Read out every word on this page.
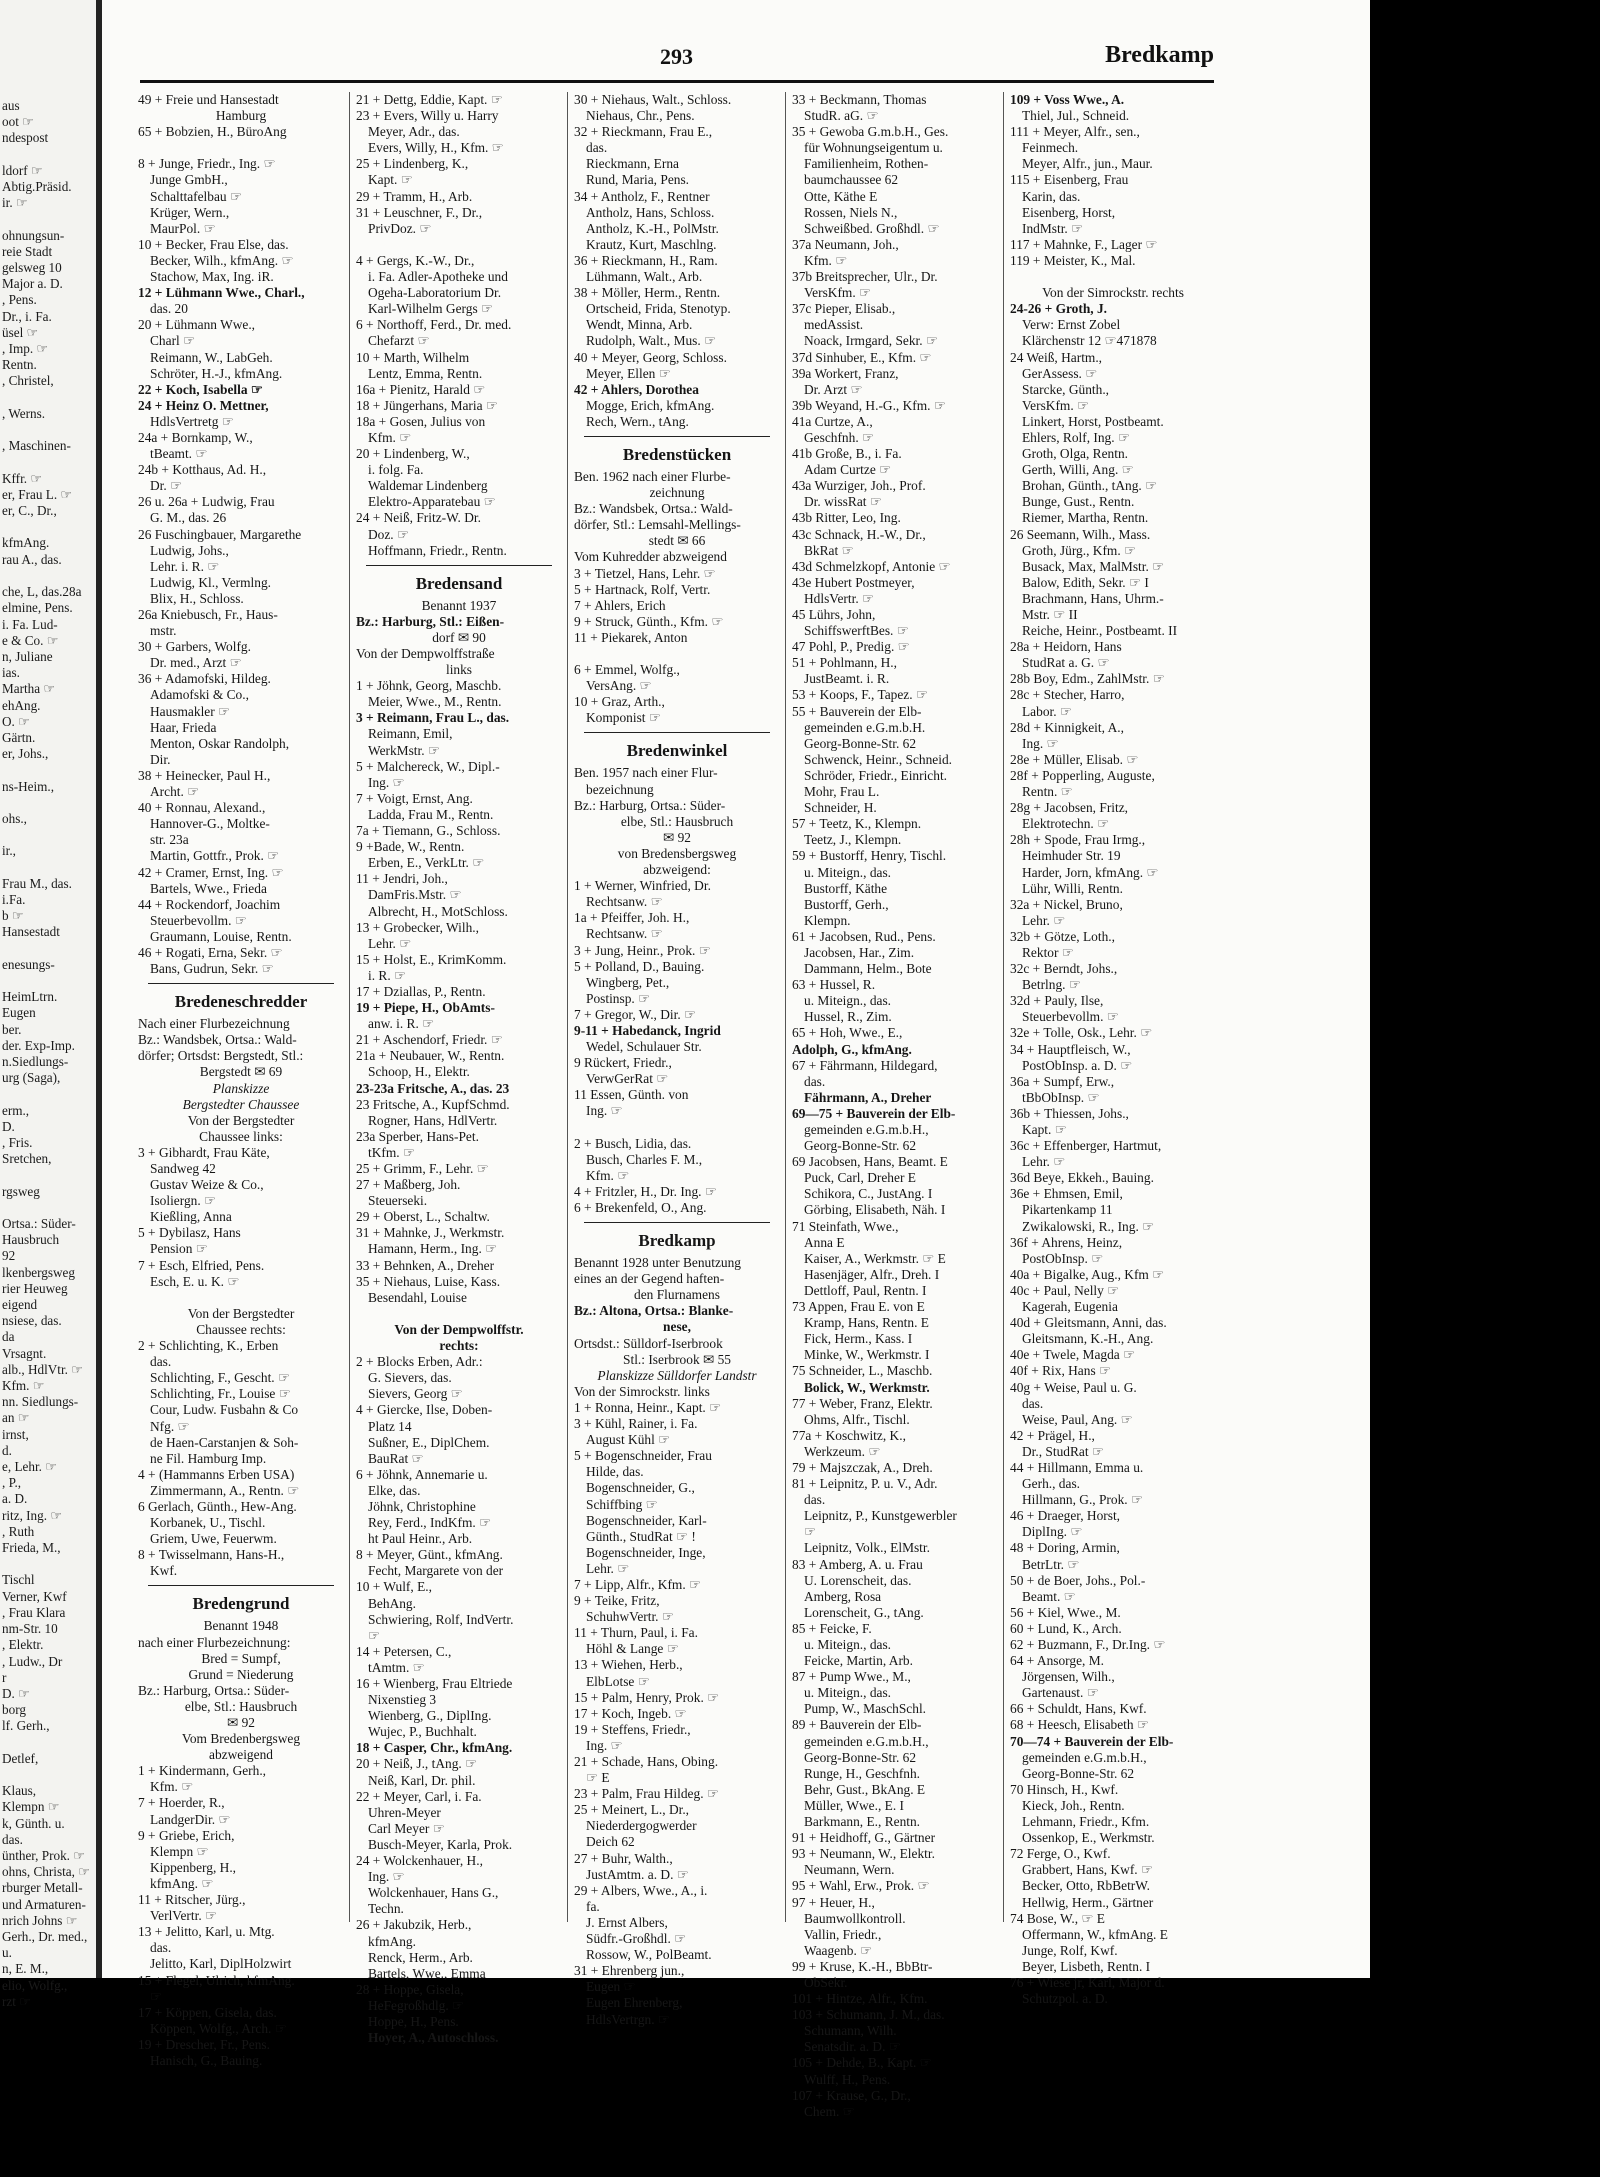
aus
oot ☞
ndespost

ldorf ☞
Abtig.Präsid.
ir. ☞

ohnungsun-
reie Stadt
gelsweg 10
Major a. D.
, Pens.
Dr., i. Fa.
üsel ☞
, Imp. ☞
Rentn.
, Christel,

, Werns.

, Maschinen-

Kffr. ☞
er, Frau L. ☞
er, C., Dr.,

kfmAng.
rau A., das.

che, L, das.28a
elmine, Pens.
i. Fa. Lud-
e & Co. ☞
n, Juliane
ias.
Martha ☞
ehAng.
O. ☞
Gärtn.
er, Johs.,

ns-Heim.,

ohs.,

ir.,

Frau M., das.
i.Fa.
b ☞
Hansestadt

enesungs-

HeimLtrn.
Eugen
ber.
der. Exp-Imp.
n.Siedlungs-
urg (Saga),

erm.,
D.
, Fris.
Sretchen,

rgsweg

Ortsa.: Süder-
Hausbruch
92
lkenbergsweg
rier Heuweg
eigend
nsiese, das.
da
Vrsagnt.
alb., HdlVtr. ☞
Kfm. ☞
nn. Siedlungs-
an ☞
irnst,
d.
e, Lehr. ☞
, P.,
a. D.
ritz, Ing. ☞
, Ruth
Frieda, M.,

Tischl
Verner, Kwf
, Frau Klara
nm-Str. 10
, Elektr.
, Ludw., Dr
r
D. ☞
borg
lf. Gerh.,

Detlef,

Klaus,
Klempn ☞
k, Günth. u.
das.
ünther, Prok. ☞
ohns, Christa, ☞
rburger Metall-
und Armaturen-
nrich Johns ☞
Gerh., Dr. med.,
u.
n, E. M.,
elio, Wolfg.,
rzt ☞
293	Bredkamp
49 + Freie und Hansestadt
Hamburg
65 + Bobzien, H., BüroAng

8 + Junge, Friedr., Ing. ☞
Junge GmbH.,
Schalttafelbau ☞
Krüger, Wern.,
MaurPol. ☞
10 + Becker, Frau Else, das.
Becker, Wilh., kfmAng. ☞
Stachow, Max, Ing. iR.
12 + Lühmann Wwe., Charl.,
das. 20
20 + Lühmann Wwe.,
Charl ☞
Reimann, W., LabGeh.
Schröter, H.-J., kfmAng.
22 + Koch, Isabella ☞
24 + Heinz O. Mettner,
HdlsVertretg ☞
24a + Bornkamp, W.,
tBeamt. ☞
24b + Kotthaus, Ad. H.,
Dr. ☞
26 u. 26a + Ludwig, Frau
G. M., das. 26
26 Fuschingbauer, Margarethe
Ludwig, Johs.,
Lehr. i. R. ☞
Ludwig, Kl., Vermlng.
Blix, H., Schloss.
26a Kniebusch, Fr., Haus-
mstr.
30 + Garbers, Wolfg.
Dr. med., Arzt ☞
36 + Adamofski, Hildeg.
Adamofski & Co.,
Hausmakler ☞
Haar, Frieda
Menton, Oskar Randolph,
Dir.
38 + Heinecker, Paul H.,
Archt. ☞
40 + Ronnau, Alexand.,
Hannover-G., Moltke-
str. 23a
Martin, Gottfr., Prok. ☞
42 + Cramer, Ernst, Ing. ☞
Bartels, Wwe., Frieda
44 + Rockendorf, Joachim
Steuerbevollm. ☞
Graumann, Louise, Rentn.
46 + Rogati, Erna, Sekr. ☞
Bans, Gudrun, Sekr. ☞
Bredeneschredder
Nach einer Flurbezeichnung
Bz.: Wandsbek, Ortsa.: Wald-
dörfer; Ortsdst: Bergstedt, Stl.:
Bergstedt ✉ 69
Planskizze
Bergstedter Chaussee
Von der Bergstedter
Chaussee links:
3 + Gibhardt, Frau Käte,
Sandweg 42
Gustav Weize & Co.,
Isoliergn. ☞
Kießling, Anna
5 + Dybilasz, Hans
Pension ☞
7 + Esch, Elfried, Pens.
Esch, E. u. K. ☞

Von der Bergstedter
Chaussee rechts:
2 + Schlichting, K., Erben
das.
Schlichting, F., Gescht. ☞
Schlichting, Fr., Louise ☞
Cour, Ludw. Fusbahn & Co
Nfg. ☞
de Haen-Carstanjen & Soh-
ne Fil. Hamburg Imp.
4 + (Hammanns Erben USA)
Zimmermann, A., Rentn. ☞
6 Gerlach, Günth., Hew-Ang.
Korbanek, U., Tischl.
Griem, Uwe, Feuerwm.
8 + Twisselmann, Hans-H.,
Kwf.
Bredengrund
Benannt 1948
nach einer Flurbezeichnung:
Bred = Sumpf,
Grund = Niederung
Bz.: Harburg, Ortsa.: Süder-
elbe, Stl.: Hausbruch
✉ 92
Vom Bredenbergsweg
abzweigend
1 + Kindermann, Gerh.,
Kfm. ☞
7 + Hoerder, R.,
LandgerDir. ☞
9 + Griebe, Erich,
Klempn ☞
Kippenberg, H.,
kfmAng. ☞
11 + Ritscher, Jürg.,
VerlVertr. ☞
13 + Jelitto, Karl, u. Mtg.
das.
Jelitto, Karl, DiplHolzwirt
15 + Flegel, Ulrich, kfmAng.
☞
17 + Köppen, Gisela, das.
Köppen, Wolfg., Arch. ☞
19 + Drescher, Fr., Pens.
Hanisch, G., Bauing.
21 + Dettg, Eddie, Kapt. ☞
23 + Evers, Willy u. Harry
Meyer, Adr., das.
Evers, Willy, H., Kfm. ☞
25 + Lindenberg, K.,
Kapt. ☞
29 + Tramm, H., Arb.
31 + Leuschner, F., Dr.,
PrivDoz. ☞

4 + Gergs, K.-W., Dr.,
i. Fa. Adler-Apotheke und
Ogeha-Laboratorium Dr.
Karl-Wilhelm Gergs ☞
6 + Northoff, Ferd., Dr. med.
Chefarzt ☞
10 + Marth, Wilhelm
Lentz, Emma, Rentn.
16a + Pienitz, Harald ☞
18 + Jüngerhans, Maria ☞
18a + Gosen, Julius von
Kfm. ☞
20 + Lindenberg, W.,
i. folg. Fa.
Waldemar Lindenberg
Elektro-Apparatebau ☞
24 + Neiß, Fritz-W. Dr.
Doz. ☞
Hoffmann, Friedr., Rentn.
Bredensand
Benannt 1937
Bz.: Harburg, Stl.: Eißen-
dorf ✉ 90
Von der Dempwolffstraße
links
1 + Jöhnk, Georg, Maschb.
Meier, Wwe., M., Rentn.
3 + Reimann, Frau L., das.
Reimann, Emil,
WerkMstr. ☞
5 + Malchereck, W., Dipl.-
Ing. ☞
7 + Voigt, Ernst, Ang.
Ladda, Frau M., Rentn.
7a + Tiemann, G., Schloss.
9 +Bade, W., Rentn.
Erben, E., VerkLtr. ☞
11 + Jendri, Joh.,
DamFris.Mstr. ☞
Albrecht, H., MotSchloss.
13 + Grobecker, Wilh.,
Lehr. ☞
15 + Holst, E., KrimKomm.
i. R. ☞
17 + Dziallas, P., Rentn.
19 + Piepe, H., ObAmts-
anw. i. R. ☞
21 + Aschendorf, Friedr. ☞
21a + Neubauer, W., Rentn.
Schoop, H., Elektr.
23-23a Fritsche, A., das. 23
23 Fritsche, A., KupfSchmd.
Rogner, Hans, HdlVertr.
23a Sperber, Hans-Pet.
tKfm. ☞
25 + Grimm, F., Lehr. ☞
27 + Maßberg, Joh.
Steuerseki.
29 + Oberst, L., Schaltw.
31 + Mahnke, J., Werkmstr.
Hamann, Herm., Ing. ☞
33 + Behnken, A., Dreher
35 + Niehaus, Luise, Kass.
Besendahl, Louise

Von der Dempwolffstr.
rechts:
2 + Blocks Erben, Adr.:
G. Sievers, das.
Sievers, Georg ☞
4 + Giercke, Ilse, Doben-
Platz 14
Sußner, E., DiplChem.
BauRat ☞
6 + Jöhnk, Annemarie u.
Elke, das.
Jöhnk, Christophine
Rey, Ferd., IndKfm. ☞
ht Paul Heinr., Arb.
8 + Meyer, Günt., kfmAng.
Fecht, Margarete von der
10 + Wulf, E.,
BehAng.
Schwiering, Rolf, IndVertr.
☞
14 + Petersen, C.,
tAmtm. ☞
16 + Wienberg, Frau Eltriede
Nixenstieg 3
Wienberg, G., DiplIng.
Wujec, P., Buchhalt.
18 + Casper, Chr., kfmAng.
20 + Neiß, J., tAng. ☞
Neiß, Karl, Dr. phil.
22 + Meyer, Carl, i. Fa.
Uhren-Meyer
Carl Meyer ☞
Busch-Meyer, Karla, Prok.
24 + Wolckenhauer, H.,
Ing. ☞
Wolckenhauer, Hans G.,
Techn.
26 + Jakubzik, Herb.,
kfmAng.
Renck, Herm., Arb.
Bartels, Wwe., Emma
28 + Hoppe, Gisela,
HeFegroßhdlg. ☞
Hoppe, H., Pens.
Hoyer, A., Autoschloss.
30 + Niehaus, Walt., Schloss.
Niehaus, Chr., Pens.
32 + Rieckmann, Frau E.,
das.
Rieckmann, Erna
Rund, Maria, Pens.
34 + Antholz, F., Rentner
Antholz, Hans, Schloss.
Antholz, K.-H., PolMstr.
Krautz, Kurt, Maschlng.
36 + Rieckmann, H., Ram.
Lühmann, Walt., Arb.
38 + Möller, Herm., Rentn.
Ortscheid, Frida, Stenotyp.
Wendt, Minna, Arb.
Rudolph, Walt., Mus. ☞
40 + Meyer, Georg, Schloss.
Meyer, Ellen ☞
42 + Ahlers, Dorothea
Mogge, Erich, kfmAng.
Rech, Wern., tAng.
Bredenstücken
Ben. 1962 nach einer Flurbe-
zeichnung
Bz.: Wandsbek, Ortsa.: Wald-
dörfer, Stl.: Lemsahl-Mellings-
stedt ✉ 66
Vom Kuhredder abzweigend
3 + Tietzel, Hans, Lehr. ☞
5 + Hartnack, Rolf, Vertr.
7 + Ahlers, Erich
9 + Struck, Günth., Kfm. ☞
11 + Piekarek, Anton

6 + Emmel, Wolfg.,
VersAng. ☞
10 + Graz, Arth.,
Komponist ☞
Bredenwinkel
Ben. 1957 nach einer Flur-
bezeichnung
Bz.: Harburg, Ortsa.: Süder-
elbe, Stl.: Hausbruch
✉ 92
von Bredensbergsweg
abzweigend:
1 + Werner, Winfried, Dr.
Rechtsanw. ☞
1a + Pfeiffer, Joh. H.,
Rechtsanw. ☞
3 + Jung, Heinr., Prok. ☞
5 + Polland, D., Bauing.
Wingberg, Pet.,
Postinsp. ☞
7 + Gregor, W., Dir. ☞
9-11 + Habedanck, Ingrid
Wedel, Schulauer Str.
9 Rückert, Friedr.,
VerwGerRat ☞
11 Essen, Günth. von
Ing. ☞

2 + Busch, Lidia, das.
Busch, Charles F. M.,
Kfm. ☞
4 + Fritzler, H., Dr. Ing. ☞
6 + Brekenfeld, O., Ang.
Bredkamp
Benannt 1928 unter Benutzung
eines an der Gegend haften-
den Flurnamens
Bz.: Altona, Ortsa.: Blanke-
nese,
Ortsdst.: Sülldorf-Iserbrook
Stl.: Iserbrook ✉ 55
Planskizze Sülldorfer Landstr
Von der Simrockstr. links
1 + Ronna, Heinr., Kapt. ☞
3 + Kühl, Rainer, i. Fa.
August Kühl ☞
5 + Bogenschneider, Frau
Hilde, das.
Bogenschneider, G.,
Schiffbing ☞
Bogenschneider, Karl-
Günth., StudRat ☞ !
Bogenschneider, Inge,
Lehr. ☞
7 + Lipp, Alfr., Kfm. ☞
9 + Teike, Fritz,
SchuhwVertr. ☞
11 + Thurn, Paul, i. Fa.
Höhl & Lange ☞
13 + Wiehen, Herb.,
ElbLotse ☞
15 + Palm, Henry, Prok. ☞
17 + Koch, Ingeb. ☞
19 + Steffens, Friedr.,
Ing. ☞
21 + Schade, Hans, Obing.
☞ E
23 + Palm, Frau Hildeg. ☞
25 + Meinert, L., Dr.,
Niederdergogwerder
Deich 62
27 + Buhr, Walth.,
JustAmtm. a. D. ☞
29 + Albers, Wwe., A., i.
fa.
J. Ernst Albers,
Südfr.-Großhdl. ☞
Rossow, W., PolBeamt.
31 + Ehrenberg jun.,
Eugen ☞
Eugen Ehrenberg,
HdlsVertrgn. ☞
33 + Beckmann, Thomas
StudR. aG. ☞
35 + Gewoba G.m.b.H., Ges.
für Wohnungseigentum u.
Familienheim, Rothen-
baumchaussee 62
Otte, Käthe E
Rossen, Niels N.,
Schweißbed. Großhdl. ☞
37a Neumann, Joh.,
Kfm. ☞
37b Breitsprecher, Ulr., Dr.
VersKfm. ☞
37c Pieper, Elisab.,
medAssist.
Noack, Irmgard, Sekr. ☞
37d Sinhuber, E., Kfm. ☞
39a Workert, Franz,
Dr. Arzt ☞
39b Weyand, H.-G., Kfm. ☞
41a Curtze, A.,
Geschfnh. ☞
41b Große, B., i. Fa.
Adam Curtze ☞
43a Wurziger, Joh., Prof.
Dr. wissRat ☞
43b Ritter, Leo, Ing.
43c Schnack, H.-W., Dr.,
BkRat ☞
43d Schmelzkopf, Antonie ☞
43e Hubert Postmeyer,
HdlsVertr. ☞
45 Lührs, John,
SchiffswerftBes. ☞
47 Pohl, P., Predig. ☞
51 + Pohlmann, H.,
JustBeamt. i. R.
53 + Koops, F., Tapez. ☞
55 + Bauverein der Elb-
gemeinden e.G.m.b.H.
Georg-Bonne-Str. 62
Schwenck, Heinr., Schneid.
Schröder, Friedr., Einricht.
Mohr, Frau L.
Schneider, H.
57 + Teetz, K., Klempn.
Teetz, J., Klempn.
59 + Bustorff, Henry, Tischl.
u. Miteign., das.
Bustorff, Käthe
Bustorff, Gerh.,
Klempn.
61 + Jacobsen, Rud., Pens.
Jacobsen, Har., Zim.
Dammann, Helm., Bote
63 + Hussel, R.
u. Miteign., das.
Hussel, R., Zim.
65 + Hoh, Wwe., E.,
Adolph, G., kfmAng.
67 + Fährmann, Hildegard,
das.
Fährmann, A., Dreher
69—75 + Bauverein der Elb-
gemeinden e.G.m.b.H.,
Georg-Bonne-Str. 62
69 Jacobsen, Hans, Beamt. E
Puck, Carl, Dreher E
Schikora, C., JustAng. I
Görbing, Elisabeth, Näh. I
71 Steinfath, Wwe.,
Anna E
Kaiser, A., Werkmstr. ☞ E
Hasenjäger, Alfr., Dreh. I
Dettloff, Paul, Rentn. I
73 Appen, Frau E. von E
Kramp, Hans, Rentn. E
Fick, Herm., Kass. I
Minke, W., Werkmstr. I
75 Schneider, L., Maschb.
Bolick, W., Werkmstr.
77 + Weber, Franz, Elektr.
Ohms, Alfr., Tischl.
77a + Koschwitz, K.,
Werkzeum. ☞
79 + Majszczak, A., Dreh.
81 + Leipnitz, P. u. V., Adr.
das.
Leipnitz, P., Kunstgewerbler
☞
Leipnitz, Volk., ElMstr.
83 + Amberg, A. u. Frau
U. Lorenscheit, das.
Amberg, Rosa
Lorenscheit, G., tAng.
85 + Feicke, F.
u. Miteign., das.
Feicke, Martin, Arb.
87 + Pump Wwe., M.,
u. Miteign., das.
Pump, W., MaschSchl.
89 + Bauverein der Elb-
gemeinden e.G.m.b.H.,
Georg-Bonne-Str. 62
Runge, H., Geschfnh.
Behr, Gust., BkAng. E
Müller, Wwe., E. I
Barkmann, E., Rentn.
91 + Heidhoff, G., Gärtner
93 + Neumann, W., Elektr.
Neumann, Wern.
95 + Wahl, Erw., Prok. ☞
97 + Heuer, H.,
Baumwollkontroll.
Vallin, Friedr.,
Waagenb. ☞
99 + Kruse, K.-H., BbBtr-
ObSekr.
101 + Hintze, Alfr., Kfm.
103 + Schumann, J. M., das.
Schumann, Wilh.
Senatsdir. a. D. ☞
105 + Dehde, B., Kapt. ☞
Wulff, H., Pens.
107 + Krause, G., Dr.,
Chem. ☞
109 + Voss Wwe., A.
Thiel, Jul., Schneid.
111 + Meyer, Alfr., sen.,
Feinmech.
Meyer, Alfr., jun., Maur.
115 + Eisenberg, Frau
Karin, das.
Eisenberg, Horst,
IndMstr. ☞
117 + Mahnke, F., Lager ☞
119 + Meister, K., Mal.

Von der Simrockstr. rechts
24-26 + Groth, J.
Verw: Ernst Zobel
Klärchenstr 12 ☞471878
24 Weiß, Hartm.,
GerAssess. ☞
Starcke, Günth.,
VersKfm. ☞
Linkert, Horst, Postbeamt.
Ehlers, Rolf, Ing. ☞
Groth, Olga, Rentn.
Gerth, Willi, Ang. ☞
Brohan, Günth., tAng. ☞
Bunge, Gust., Rentn.
Riemer, Martha, Rentn.
26 Seemann, Wilh., Mass.
Groth, Jürg., Kfm. ☞
Busack, Max, MalMstr. ☞
Balow, Edith, Sekr. ☞ I
Brachmann, Hans, Uhrm.-
Mstr. ☞ II
Reiche, Heinr., Postbeamt. II
28a + Heidorn, Hans
StudRat a. G. ☞
28b Boy, Edm., ZahlMstr. ☞
28c + Stecher, Harro,
Labor. ☞
28d + Kinnigkeit, A.,
Ing. ☞
28e + Müller, Elisab. ☞
28f + Popperling, Auguste,
Rentn. ☞
28g + Jacobsen, Fritz,
Elektrotechn. ☞
28h + Spode, Frau Irmg.,
Heimhuder Str. 19
Harder, Jorn, kfmAng. ☞
Lühr, Willi, Rentn.
32a + Nickel, Bruno,
Lehr. ☞
32b + Götze, Loth.,
Rektor ☞
32c + Berndt, Johs.,
Betrlng. ☞
32d + Pauly, Ilse,
Steuerbevollm. ☞
32e + Tolle, Osk., Lehr. ☞
34 + Hauptfleisch, W.,
PostObInsp. a. D. ☞
36a + Sumpf, Erw.,
tBbObInsp. ☞
36b + Thiessen, Johs.,
Kapt. ☞
36c + Effenberger, Hartmut,
Lehr. ☞
36d Beye, Ekkeh., Bauing.
36e + Ehmsen, Emil,
Pikartenkamp 11
Zwikalowski, R., Ing. ☞
36f + Ahrens, Heinz,
PostObInsp. ☞
40a + Bigalke, Aug., Kfm ☞
40c + Paul, Nelly ☞
Kagerah, Eugenia
40d + Gleitsmann, Anni, das.
Gleitsmann, K.-H., Ang.
40e + Twele, Magda ☞
40f + Rix, Hans ☞
40g + Weise, Paul u. G.
das.
Weise, Paul, Ang. ☞
42 + Prägel, H.,
Dr., StudRat ☞
44 + Hillmann, Emma u.
Gerh., das.
Hillmann, G., Prok. ☞
46 + Draeger, Horst,
DiplIng. ☞
48 + Doring, Armin,
BetrLtr. ☞
50 + de Boer, Johs., Pol.-
Beamt. ☞
56 + Kiel, Wwe., M.
60 + Lund, K., Arch.
62 + Buzmann, F., Dr.Ing. ☞
64 + Ansorge, M.
Jörgensen, Wilh.,
Gartenaust. ☞
66 + Schuldt, Hans, Kwf.
68 + Heesch, Elisabeth ☞
70—74 + Bauverein der Elb-
gemeinden e.G.m.b.H.,
Georg-Bonne-Str. 62
70 Hinsch, H., Kwf.
Kieck, Joh., Rentn.
Lehmann, Friedr., Kfm.
Ossenkop, E., Werkmstr.
72 Ferge, O., Kwf.
Grabbert, Hans, Kwf. ☞
Becker, Otto, RbBetrW.
Hellwig, Herm., Gärtner
74 Bose, W., ☞ E
Offermann, W., kfmAng. E
Junge, Rolf, Kwf.
Beyer, Lisbeth, Rentn. I
76 + Wiese jr, Karl, Major d.
Schutzpol. a. D.
